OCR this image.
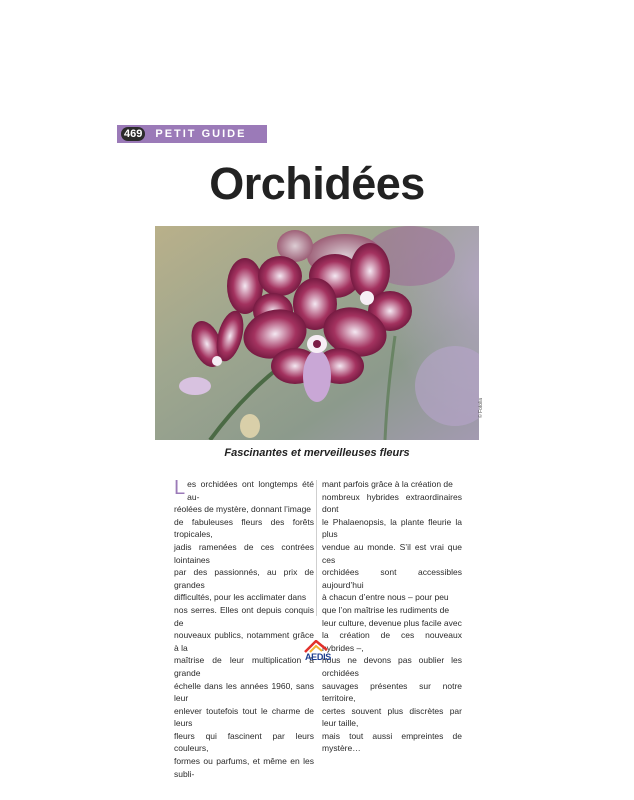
469 PETIT GUIDE
Orchidées
© Fotolia
Fascinantes et merveilleuses fleurs
L es orchidées ont longtemps été au-

réolées de mystère, donnant l’image

de fabuleuses fleurs des forêts tropicales,

jadis ramenées de ces contrées lointaines

par des passionnés, au prix de grandes

difficultés, pour les acclimater dans

nos serres. Elles ont depuis conquis de

nouveaux publics, notamment grâce à la

maîtrise de leur multiplication à grande

échelle dans les années 1960, sans leur

enlever toutefois tout le charme de leurs

fleurs qui fascinent par leurs couleurs,

formes ou parfums, et même en les subli-

mant parfois grâce à la création de

nombreux hybrides extraordinaires dont

le Phalaenopsis, la plante fleurie la plus

vendue au monde. S’il est vrai que ces

orchidées sont accessibles aujourd’hui

à chacun d’entre nous – pour peu

que l’on maîtrise les rudiments de

leur culture, devenue plus facile avec

la création de ces nouveaux hybrides –,

nous ne devons pas oublier les orchidées

sauvages présentes sur notre territoire,

certes souvent plus discrètes par leur taille,

mais tout aussi empreintes de mystère…

AEDIS
